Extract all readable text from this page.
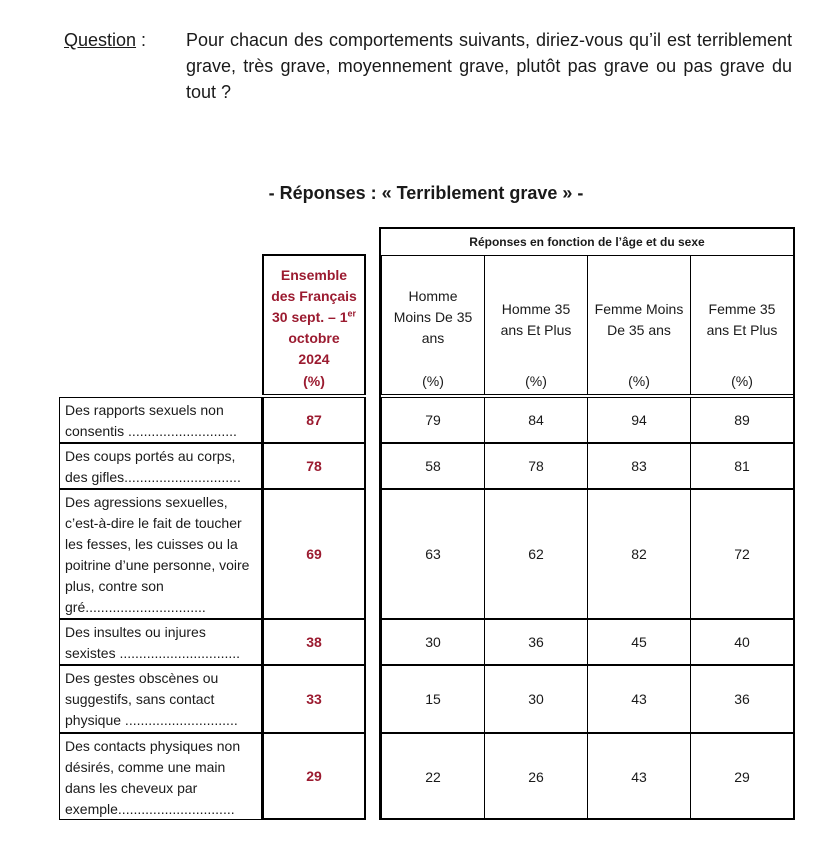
Question :	Pour chacun des comportements suivants, diriez-vous qu’il est terriblement grave, très grave, moyennement grave, plutôt pas grave ou pas grave du tout ?
- Réponses : « Terriblement grave » -
Ensemble
des Français
30 sept. – 1er
octobre
2024
(%)
Réponses en fonction de l’âge et du sexe
Homme Moins De 35 ans
(%)
Homme 35 ans Et Plus
(%)
Femme Moins De 35 ans
(%)
Femme 35 ans Et Plus
(%)
Des rapports sexuels non consentis ............................
87	79	84	94	89
Des coups portés au corps, des gifles..............................
78	58	78	83	81
Des agressions sexuelles, c’est-à-dire le fait de toucher les fesses, les cuisses ou la poitrine d’une personne, voire plus, contre son gré...............................
69	63	62	82	72
Des insultes ou injures sexistes ...............................
38	30	36	45	40
Des gestes obscènes ou suggestifs, sans contact physique .............................
33	15	30	43	36
Des contacts physiques non désirés, comme une main dans les cheveux par exemple..............................
29	22	26	43	29
